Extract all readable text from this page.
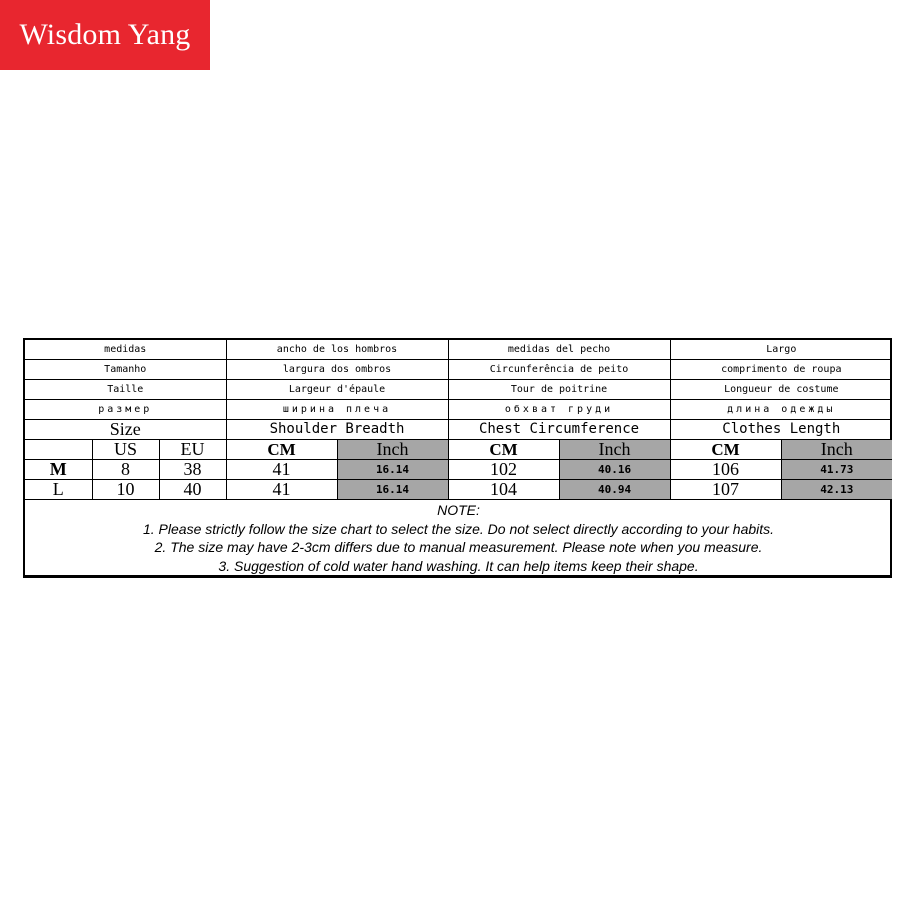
Wisdom Yang
medidas			ancho de los hombros		medidas del pecho		Largo	
Tamanho			largura dos ombros		Circunferência de peito		comprimento de roupa	
Taille			Largeur d'épaule		Tour de poitrine		Longueur de costume	
размер			ширина плеча		обхват груди		длина одежды	
Size			Shoulder Breadth		Chest Circumference		Clothes Length	
	US	EU	CM	Inch	CM	Inch	CM	Inch
M	8	38	41	16.14	102	40.16	106	41.73
L	10	40	41	16.14	104	40.94	107	42.13

NOTE:
1. Please strictly follow the size chart to select the size. Do not select directly according to your habits.
2. The size may have 2-3cm differs due to manual measurement. Please note when you measure.
3. Suggestion of cold water hand washing. It can help items keep their shape.								
